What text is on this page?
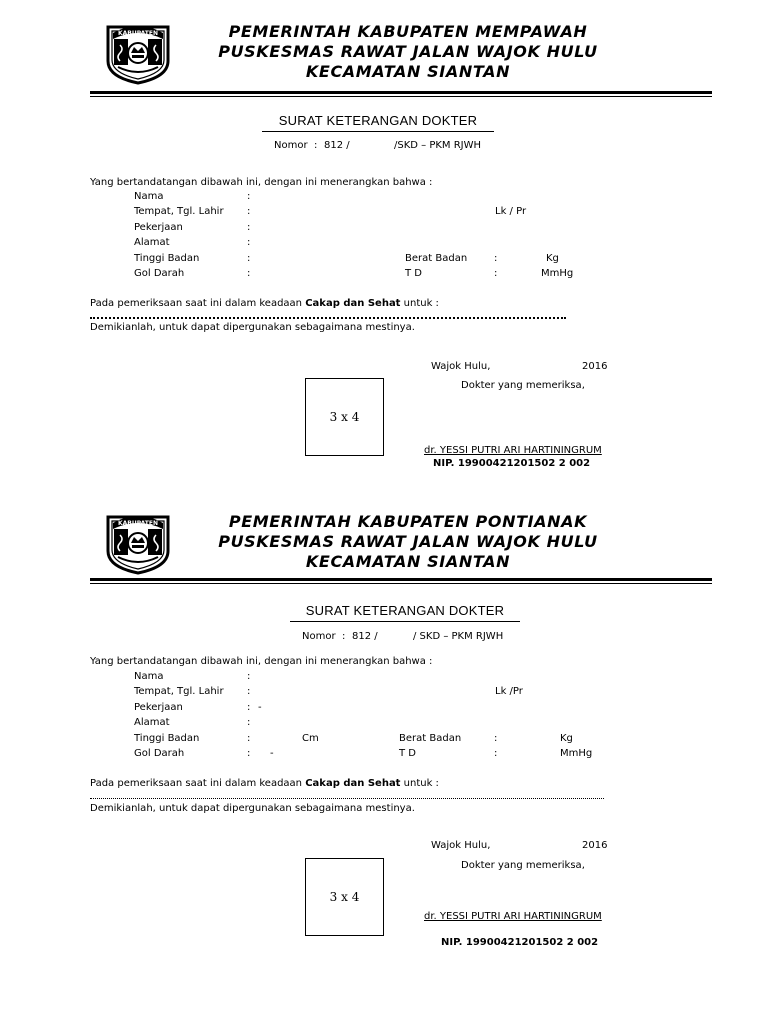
KABUPATEN	PEMERINTAH KABUPATEN MEMPAWAH
PUSKESMAS RAWAT JALAN WAJOK HULU
KECAMATAN SIANTAN
SURAT KETERANGAN DOKTER
Nomor : 812 /	/SKD – PKM RJWH
Yang bertandatangan dibawah ini, dengan ini menerangkan bahwa :
Nama	:
Tempat, Tgl. Lahir :	Lk / Pr
Pekerjaan	:
Alamat	:
Tinggi Badan	:	Berat Badan	:	Kg
Gol Darah	:	T D	:	MmHg
Pada pemeriksaan saat ini dalam keadaan Cakap dan Sehat untuk :
Demikianlah, untuk dapat dipergunakan sebagaimana mestinya.
Wajok Hulu,	2016
Dokter yang memeriksa,
3 x 4
dr. YESSI PUTRI ARI HARTININGRUM
NIP. 19900421201502 2 002
KABUPATEN	PEMERINTAH KABUPATEN PONTIANAK
PUSKESMAS RAWAT JALAN WAJOK HULU
KECAMATAN SIANTAN
SURAT KETERANGAN DOKTER
Nomor : 812 /	/ SKD – PKM RJWH
Yang bertandatangan dibawah ini, dengan ini menerangkan bahwa :
Nama	:
Tempat, Tgl. Lahir :	Lk /Pr
Pekerjaan	: -
Alamat	:
Tinggi Badan	:	Cm	Berat Badan	:	Kg
Gol Darah	: -	T D	:	MmHg
Pada pemeriksaan saat ini dalam keadaan Cakap dan Sehat untuk :
Demikianlah, untuk dapat dipergunakan sebagaimana mestinya.
Wajok Hulu,	2016
Dokter yang memeriksa,
3 x 4
dr. YESSI PUTRI ARI HARTININGRUM
NIP. 19900421201502 2 002
